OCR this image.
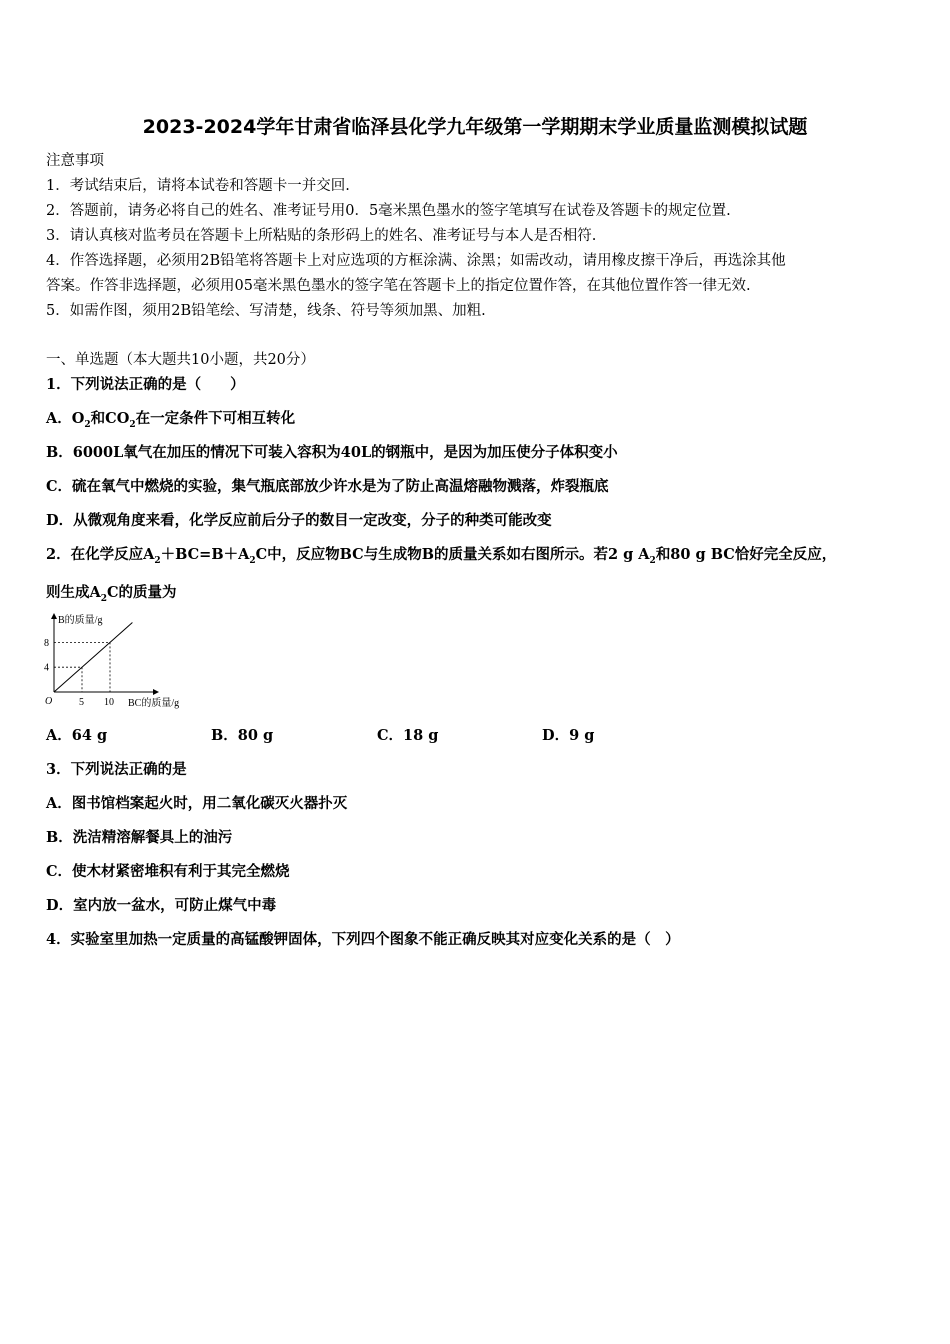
2023-2024学年甘肃省临泽县化学九年级第一学期期末学业质量监测模拟试题
注意事项
1．考试结束后，请将本试卷和答题卡一并交回.
2．答题前，请务必将自己的姓名、准考证号用0．5毫米黑色墨水的签字笔填写在试卷及答题卡的规定位置.
3．请认真核对监考员在答题卡上所粘贴的条形码上的姓名、准考证号与本人是否相符.
4．作答选择题，必须用2B铅笔将答题卡上对应选项的方框涂满、涂黑；如需改动，请用橡皮擦干净后，再选涂其他
答案。作答非选择题，必须用05毫米黑色墨水的签字笔在答题卡上的指定位置作答，在其他位置作答一律无效.
5．如需作图，须用2B铅笔绘、写清楚，线条、符号等须加黑、加粗.
一、单选题（本大题共10小题，共20分）
1．下列说法正确的是（　　）
A．$O_2$和$CO_2$在一定条件下可相互转化
B．6000L氧气在加压的情况下可装入容积为40L的钢瓶中，是因为加压使分子体积变小
C．硫在氧气中燃烧的实验，集气瓶底部放少许水是为了防止高温熔融物溅落，炸裂瓶底
D．从微观角度来看，化学反应前后分子的数目一定改变，分子的种类可能改变
2．在化学反应$A_2+BC=B+A_2C$中，反应物BC与生成物B的质量关系如右图所示。若2 g $A_2$和80 g BC恰好完全反应，
则生成$A_2C$的质量为
B的质量/g
BC的质量/g
O
8
4
5 10
A．64 g	B．80 g	C．18 g	D．9 g
3．下列说法正确的是
A．图书馆档案起火时，用二氧化碳灭火器扑灭
B．洗洁精溶解餐具上的油污
C．使木材紧密堆积有利于其完全燃烧
D．室内放一盆水，可防止煤气中毒
4．实验室里加热一定质量的高锰酸钾固体，下列四个图象不能正确反映其对应变化关系的是（　）
